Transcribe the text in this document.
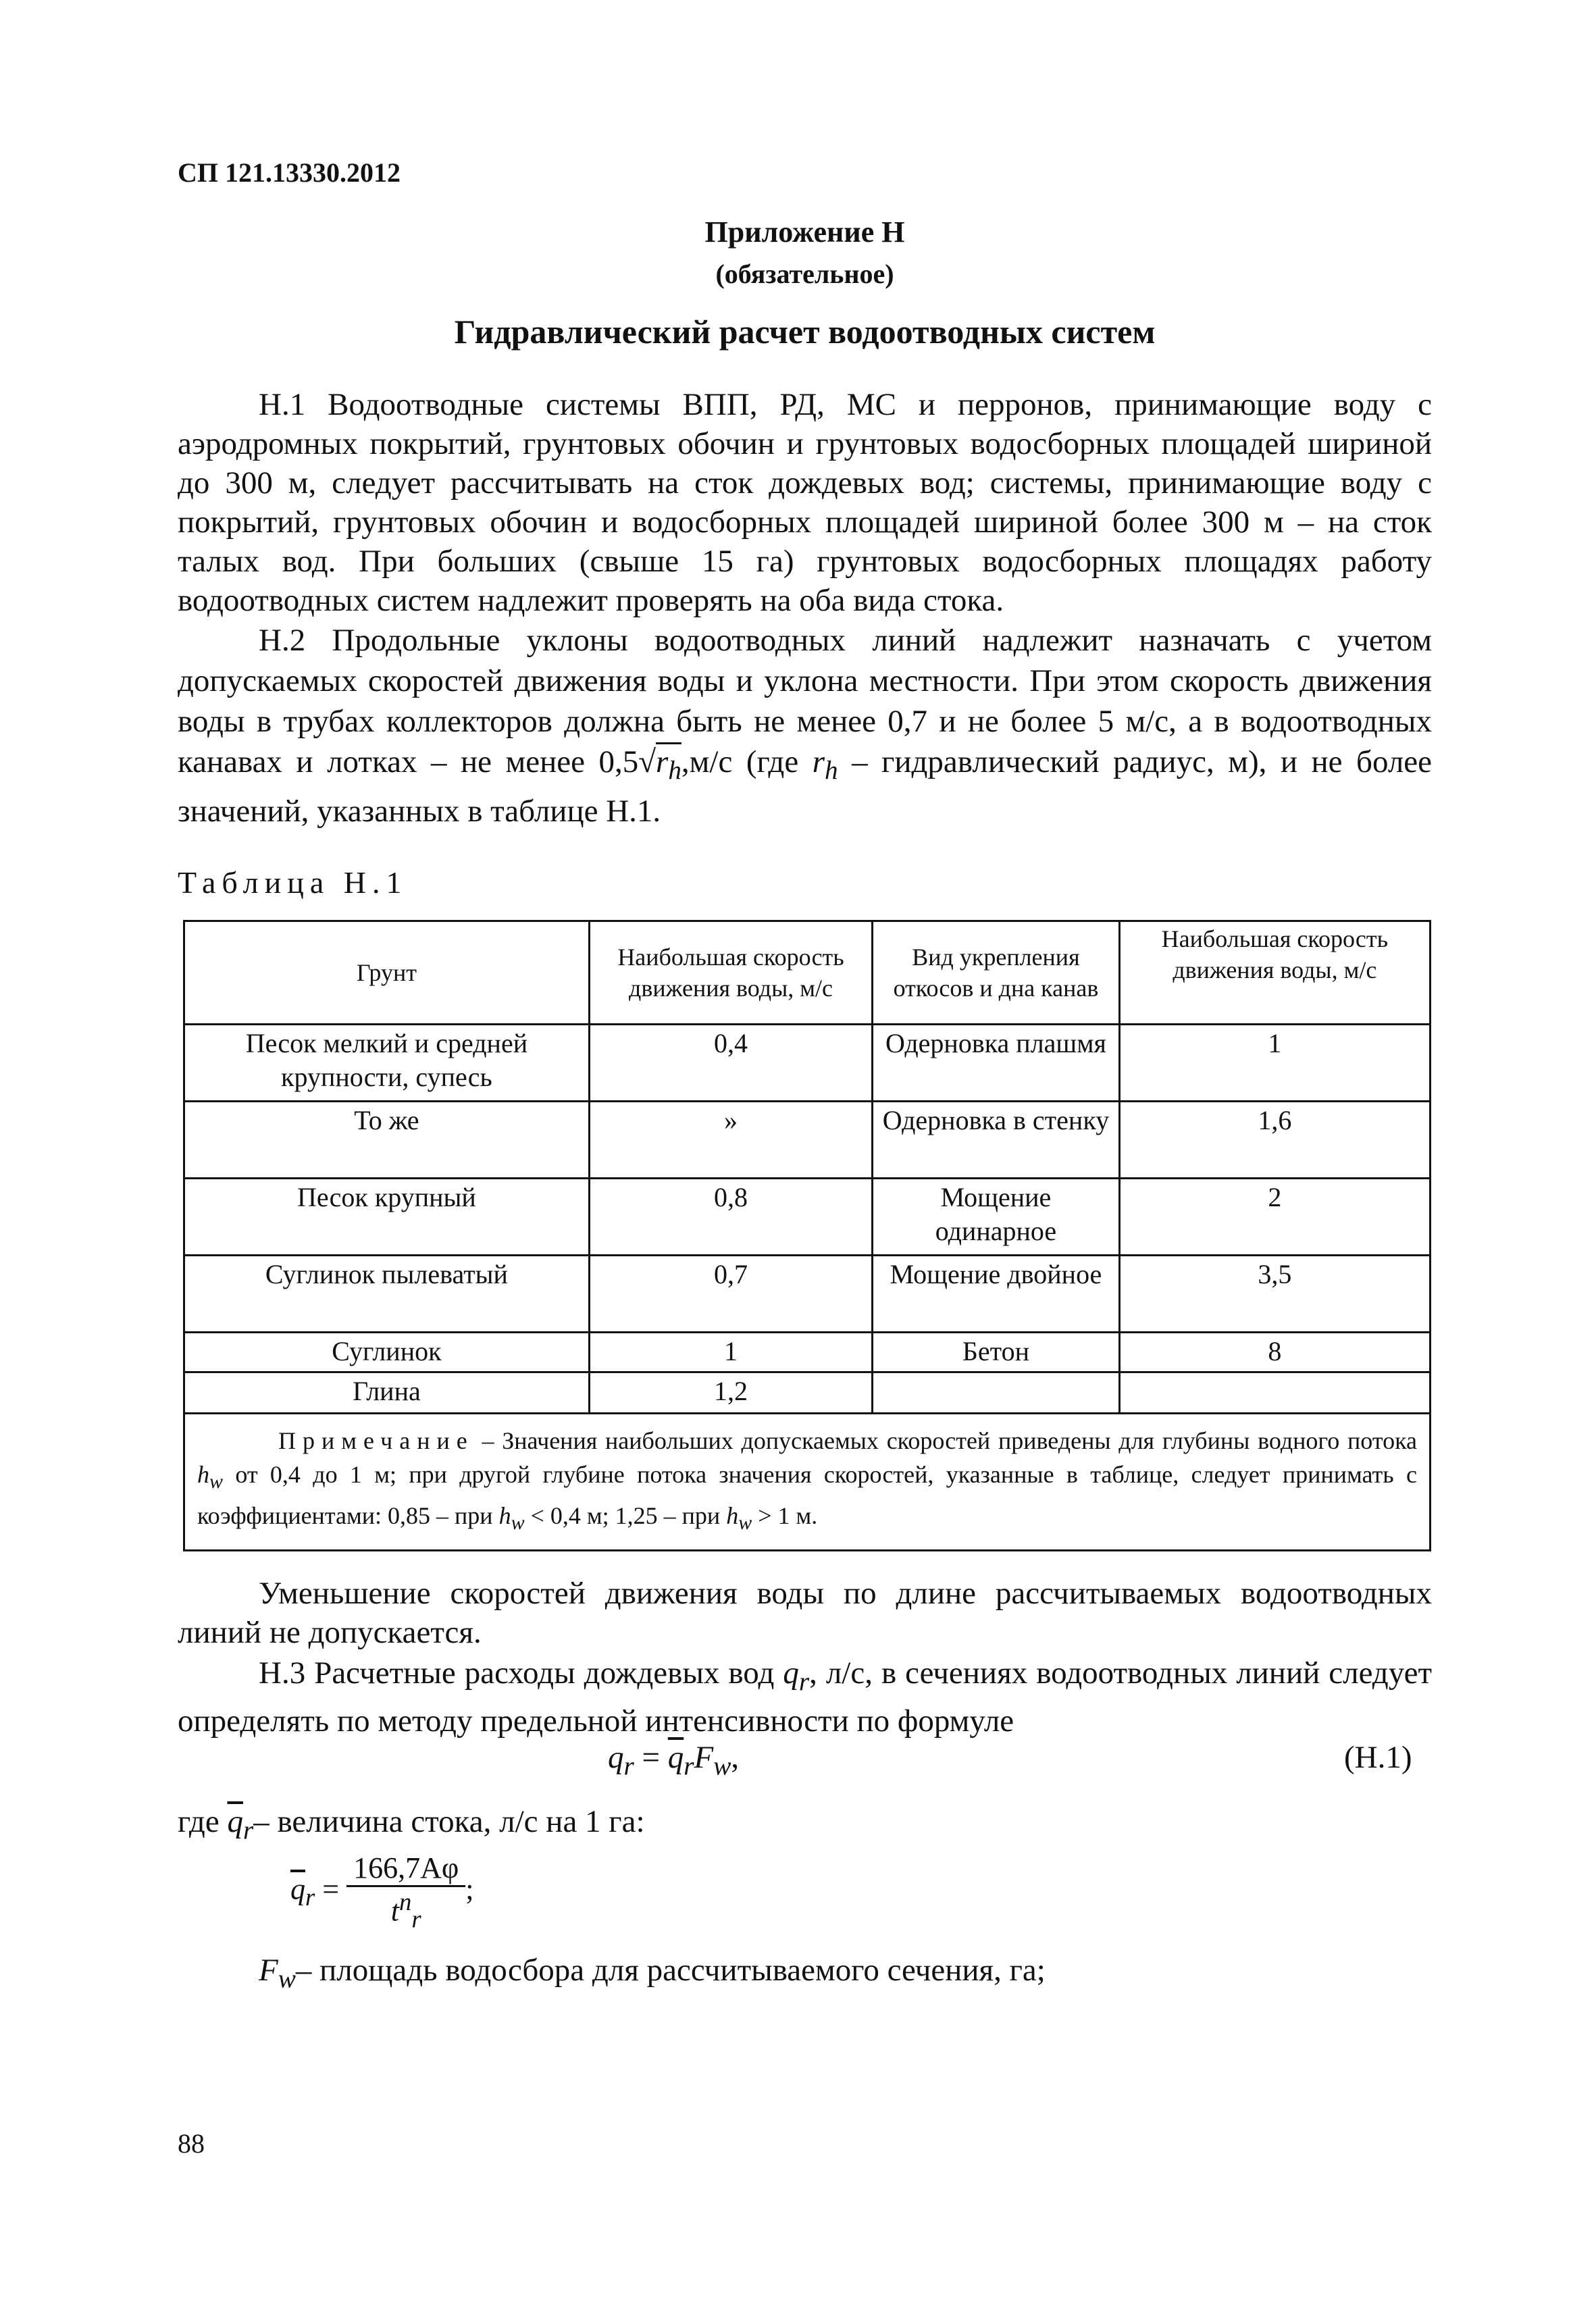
СП 121.13330.2012
Приложение Н
(обязательное)
Гидравлический расчет водоотводных систем
Н.1 Водоотводные системы ВПП, РД, МС и перронов, принимающие воду с аэродромных покрытий, грунтовых обочин и грунтовых водосборных площадей шириной до 300 м, следует рассчитывать на сток дождевых вод; системы, принимающие воду с покрытий, грунтовых обочин и водосборных площадей шириной более 300 м – на сток талых вод. При больших (свыше 15 га) грунтовых водосборных площадях работу водоотводных систем надлежит проверять на оба вида стока.
Н.2 Продольные уклоны водоотводных линий надлежит назначать с учетом допускаемых скоростей движения воды и уклона местности. При этом скорость движения воды в трубах коллекторов должна быть не менее 0,7 и не более 5 м/с, а в водоотводных канавах и лотках – не менее $0,5√r_h,м/с$ (где $r_h$ – гидравлический радиус, м), и не более значений, указанных в таблице Н.1.
Таблица Н.1
Грунт	Наибольшая скорость движения воды, м/с	Вид укрепления откосов и дна канав	Наибольшая скорость движения воды, м/с
Песок мелкий и средней крупности, супесь	0,4	Одерновка плашмя	1
То же	»	Одерновка в стенку	1,6
Песок крупный	0,8	Мощение одинарное	2
Суглинок пылеватый	0,7	Мощение двойное	3,5
Суглинок	1	Бетон	8
Глина	1,2		
Примечание – Значения наибольших допускаемых скоростей приведены для глубины водного потока $h_w$ от 0,4 до 1 м; при другой глубине потока значения скоростей, указанные в таблице, следует принимать с коэффициентами: 0,85 – при $h_w < 0,4$ м; 1,25 – при $h_w > 1$ м.			
Уменьшение скоростей движения воды по длине рассчитываемых водоотводных линий не допускается.
Н.3 Расчетные расходы дождевых вод $q_r$, л/с, в сечениях водоотводных линий следует определять по методу предельной интенсивности по формуле
$q_r = \overline{q}_rF_w$,	(Н.1)
где $\overline{q}_r-$ величина стока, л/с на 1 га:
$\overline{q}_r = \frac{166,7A\varphi}{t^n_r}$ ;
$F_w-$ площадь водосбора для рассчитываемого сечения, га;
88
